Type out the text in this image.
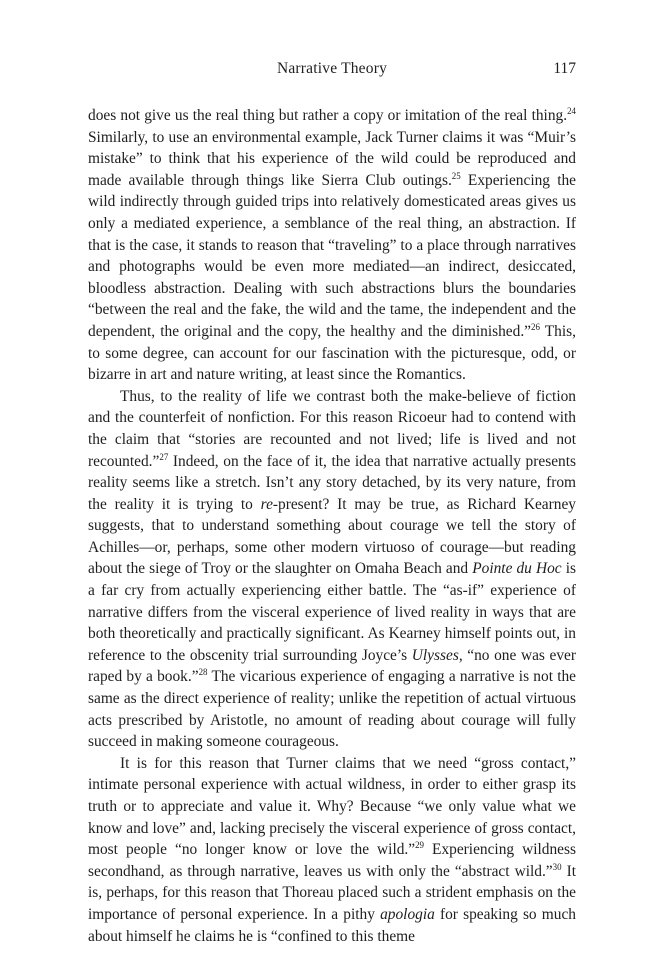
Narrative Theory	117

does not give us the real thing but rather a copy or imitation of the real thing.$^{24}$ Similarly, to use an environmental example, Jack Turner claims it was “Muir’s mistake” to think that his experience of the wild could be reproduced and made available through things like Sierra Club outings.$^{25}$ Experiencing the wild indirectly through guided trips into relatively domesticated areas gives us only a mediated experience, a semblance of the real thing, an abstraction. If that is the case, it stands to reason that “traveling” to a place through narratives and photographs would be even more mediated—an indirect, desiccated, bloodless abstraction. Dealing with such abstractions blurs the boundaries “between the real and the fake, the wild and the tame, the independent and the dependent, the original and the copy, the healthy and the diminished.”$^{26}$ This, to some degree, can account for our fascination with the picturesque, odd, or bizarre in art and nature writing, at least since the Romantics.

Thus, to the reality of life we contrast both the make-believe of fiction and the counterfeit of nonfiction. For this reason Ricoeur had to contend with the claim that “stories are recounted and not lived; life is lived and not recounted.”$^{27}$ Indeed, on the face of it, the idea that narrative actually presents reality seems like a stretch. Isn’t any story detached, by its very nature, from the reality it is trying to re-present? It may be true, as Richard Kearney suggests, that to understand something about courage we tell the story of Achilles—or, perhaps, some other modern virtuoso of courage—but reading about the siege of Troy or the slaughter on Omaha Beach and Pointe du Hoc is a far cry from actually experiencing either battle. The “as-if” experience of narrative differs from the visceral experience of lived reality in ways that are both theoretically and practically significant. As Kearney himself points out, in reference to the obscenity trial surrounding Joyce’s Ulysses, “no one was ever raped by a book.”$^{28}$ The vicarious experience of engaging a narrative is not the same as the direct experience of reality; unlike the repetition of actual virtuous acts prescribed by Aristotle, no amount of reading about courage will fully succeed in making someone courageous.

It is for this reason that Turner claims that we need “gross contact,” intimate personal experience with actual wildness, in order to either grasp its truth or to appreciate and value it. Why? Because “we only value what we know and love” and, lacking precisely the visceral experience of gross contact, most people “no longer know or love the wild.”$^{29}$ Experiencing wildness secondhand, as through narrative, leaves us with only the “abstract wild.”$^{30}$ It is, perhaps, for this reason that Thoreau placed such a strident emphasis on the importance of personal experience. In a pithy apologia for speaking so much about himself he claims he is “confined to this theme
